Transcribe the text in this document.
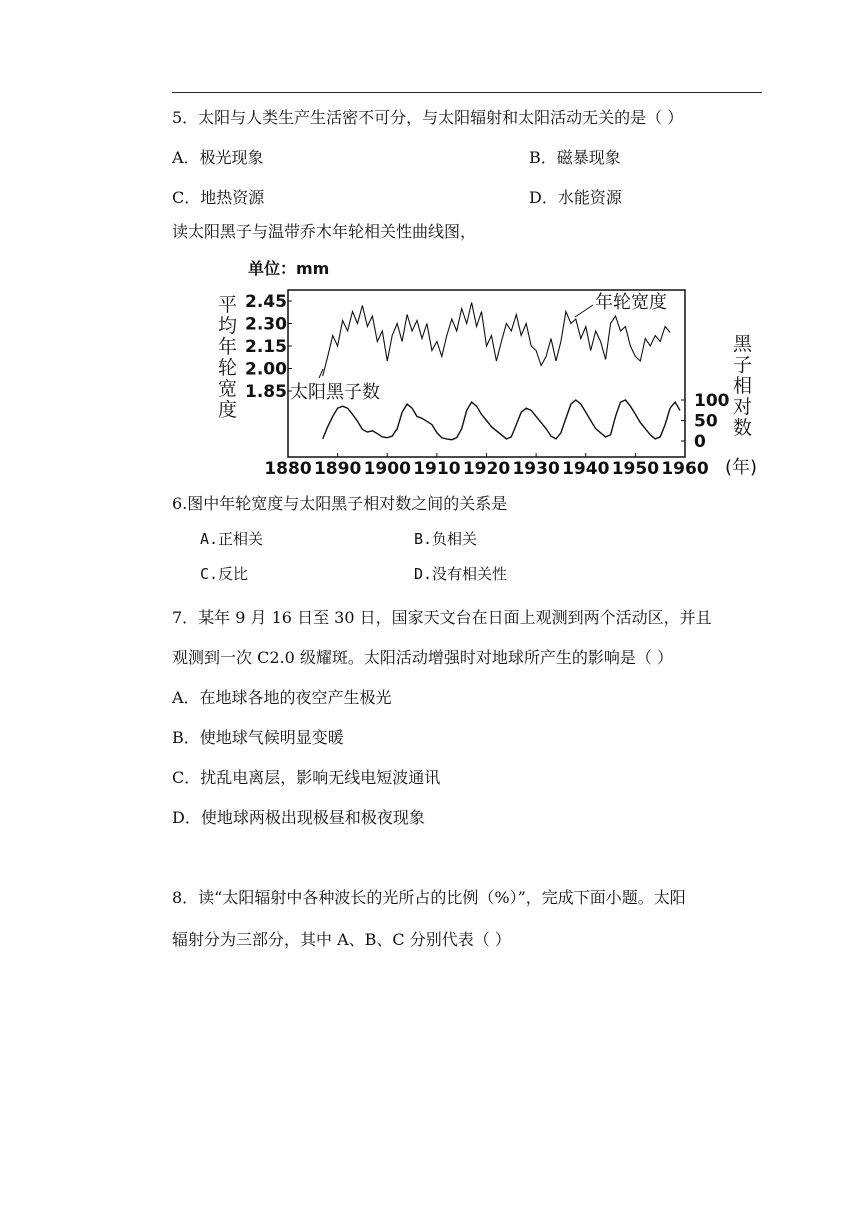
5．太阳与人类生产生活密不可分，与太阳辐射和太阳活动无关的是（ ）
A．极光现象	B．磁暴现象
C．地热资源	D．水能资源
读太阳黑子与温带乔木年轮相关性曲线图，
单位：mm
平
均
年
轮
宽
度
黑
子
相
对
数
2.45
2.30
2.15
2.00
1.85	100
50
0
1880 1890 1900 1910 1920 1930 1940 1950 1960 (年)
年轮宽度
太阳黑子数
6.图中年轮宽度与太阳黑子相对数之间的关系是
A.正相关	B.负相关
C.反比	D.没有相关性
7．某年 9 月 16 日至 30 日，国家天文台在日面上观测到两个活动区，并且
观测到一次 C2.0 级耀斑。太阳活动增强时对地球所产生的影响是（ ）
A．在地球各地的夜空产生极光
B．使地球气候明显变暖
C．扰乱电离层，影响无线电短波通讯
D．使地球两极出现极昼和极夜现象
8．读“太阳辐射中各种波长的光所占的比例（%）”，完成下面小题。太阳
辐射分为三部分，其中 A、B、C 分别代表（ ）
